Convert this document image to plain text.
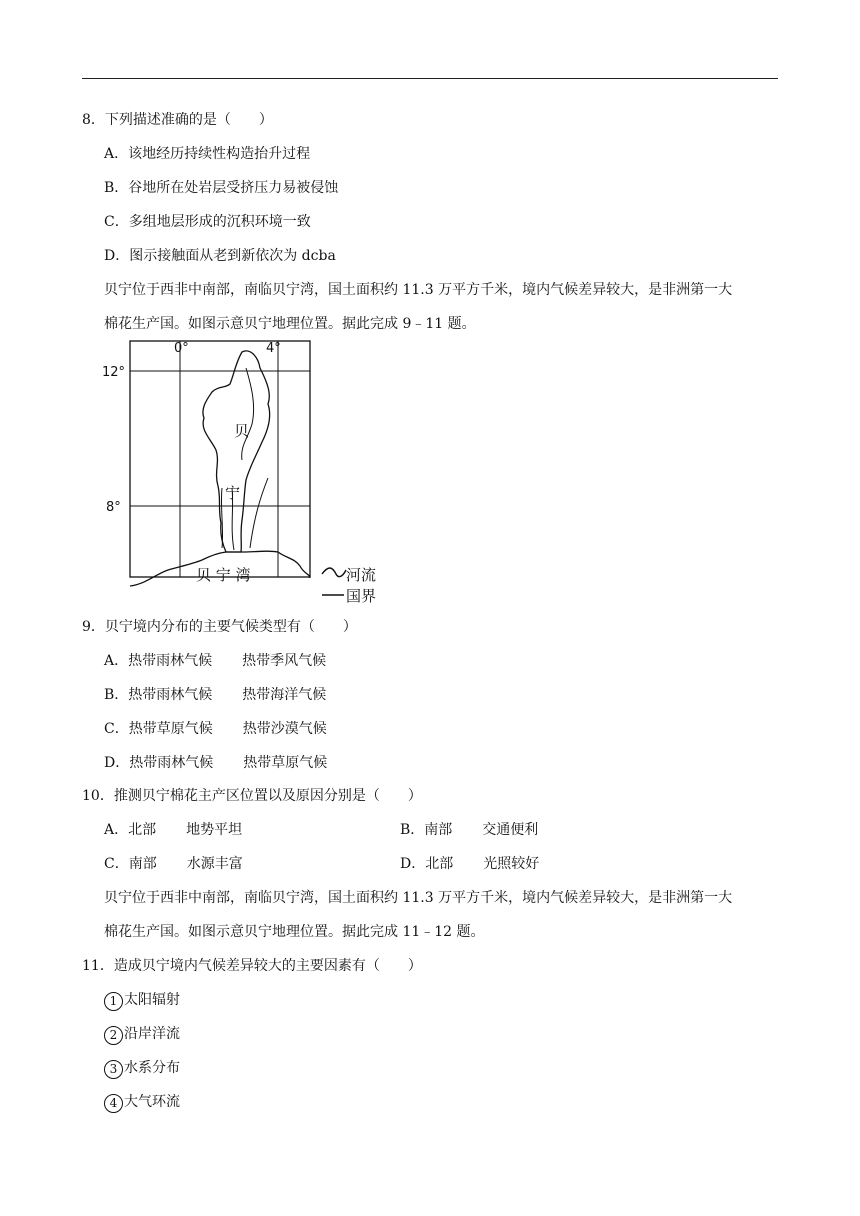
8．下列描述准确的是（　　）
A．该地经历持续性构造抬升过程
B．谷地所在处岩层受挤压力易被侵蚀
C．多组地层形成的沉积环境一致
D．图示接触面从老到新依次为 dcba
贝宁位于西非中南部，南临贝宁湾，国土面积约 11.3 万平方千米，境内气候差异较大，是非洲第一大
棉花生产国。如图示意贝宁地理位置。据此完成 9﹣11 题。
0°	4°
12°
8°
贝
宁
贝 宁 湾	河流
国界
9．贝宁境内分布的主要气候类型有（　　）
A．热带雨林气候 热带季风气候
B．热带雨林气候 热带海洋气候
C．热带草原气候 热带沙漠气候
D．热带雨林气候 热带草原气候
10．推测贝宁棉花主产区位置以及原因分别是（　　）
A．北部 地势平坦	B．南部 交通便利
C．南部 水源丰富	D．北部 光照较好
贝宁位于西非中南部，南临贝宁湾，国土面积约 11.3 万平方千米，境内气候差异较大，是非洲第一大
棉花生产国。如图示意贝宁地理位置。据此完成 11﹣12 题。
11．造成贝宁境内气候差异较大的主要因素有（　　）
1 太阳辐射
2 沿岸洋流
3 水系分布
4 大气环流
